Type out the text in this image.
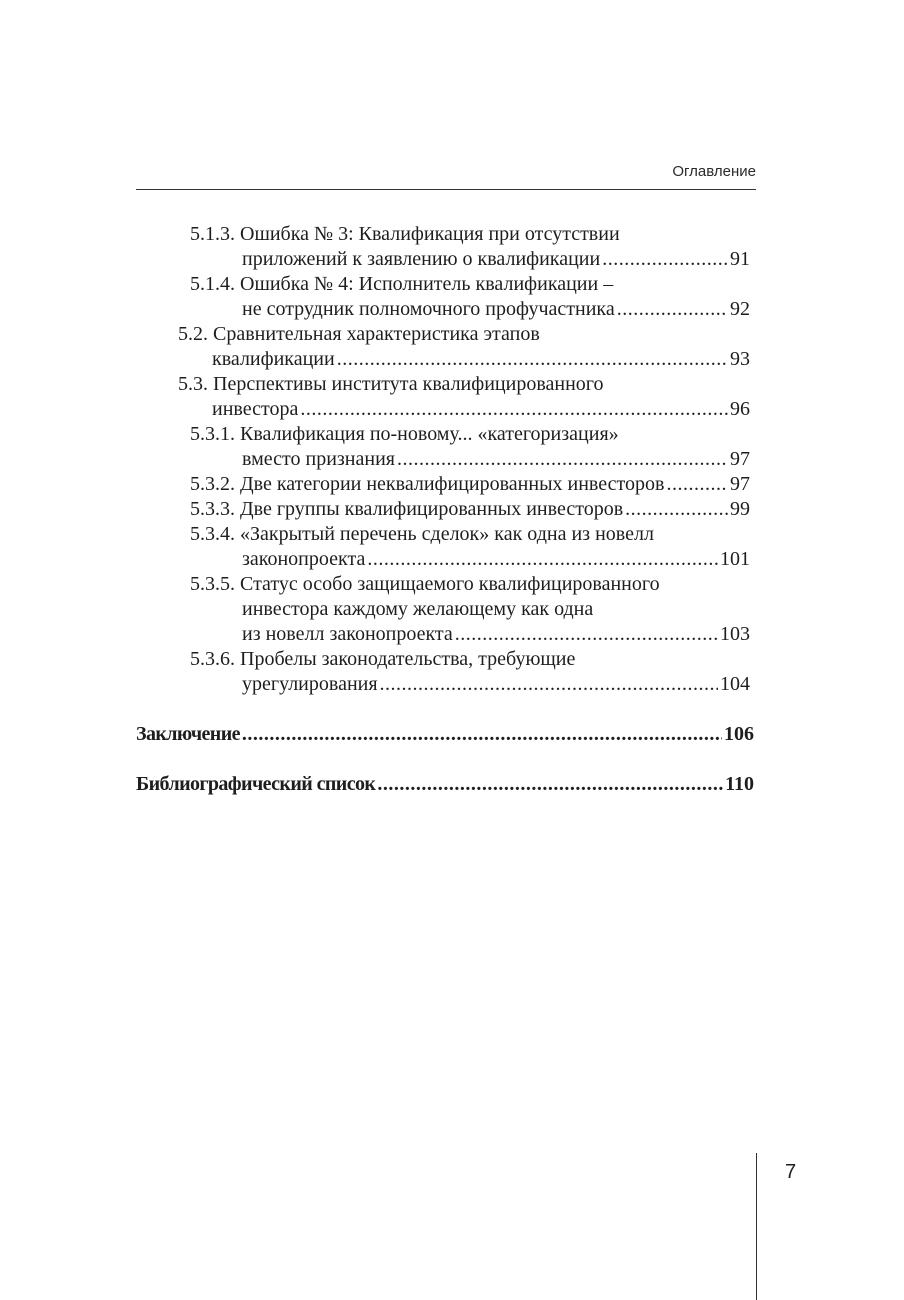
Оглавление
5.1.3. Ошибка № 3: Квалификация при отсутствии
приложений к заявлению о квалификации .....	91
5.1.4. Ошибка № 4: Исполнитель квалификации –
не сотрудник полномочного профучастника .....	92
5.2. Сравнительная характеристика этапов
квалификации .....	93
5.3. Перспективы института квалифицированного
инвестора .....	96
5.3.1. Квалификация по-новому... «категоризация»
вместо признания .....	97
5.3.2. Две категории неквалифицированных инвесторов .....	97
5.3.3. Две группы квалифицированных инвесторов .....	99
5.3.4. «Закрытый перечень сделок» как одна из новелл
законопроекта .....	101
5.3.5. Статус особо защищаемого квалифицированного
инвестора каждому желающему как одна
из новелл законопроекта .....	103
5.3.6. Пробелы законодательства, требующие
урегулирования .....	104
Заключение .....	106
Библиографический список .....	110
7
